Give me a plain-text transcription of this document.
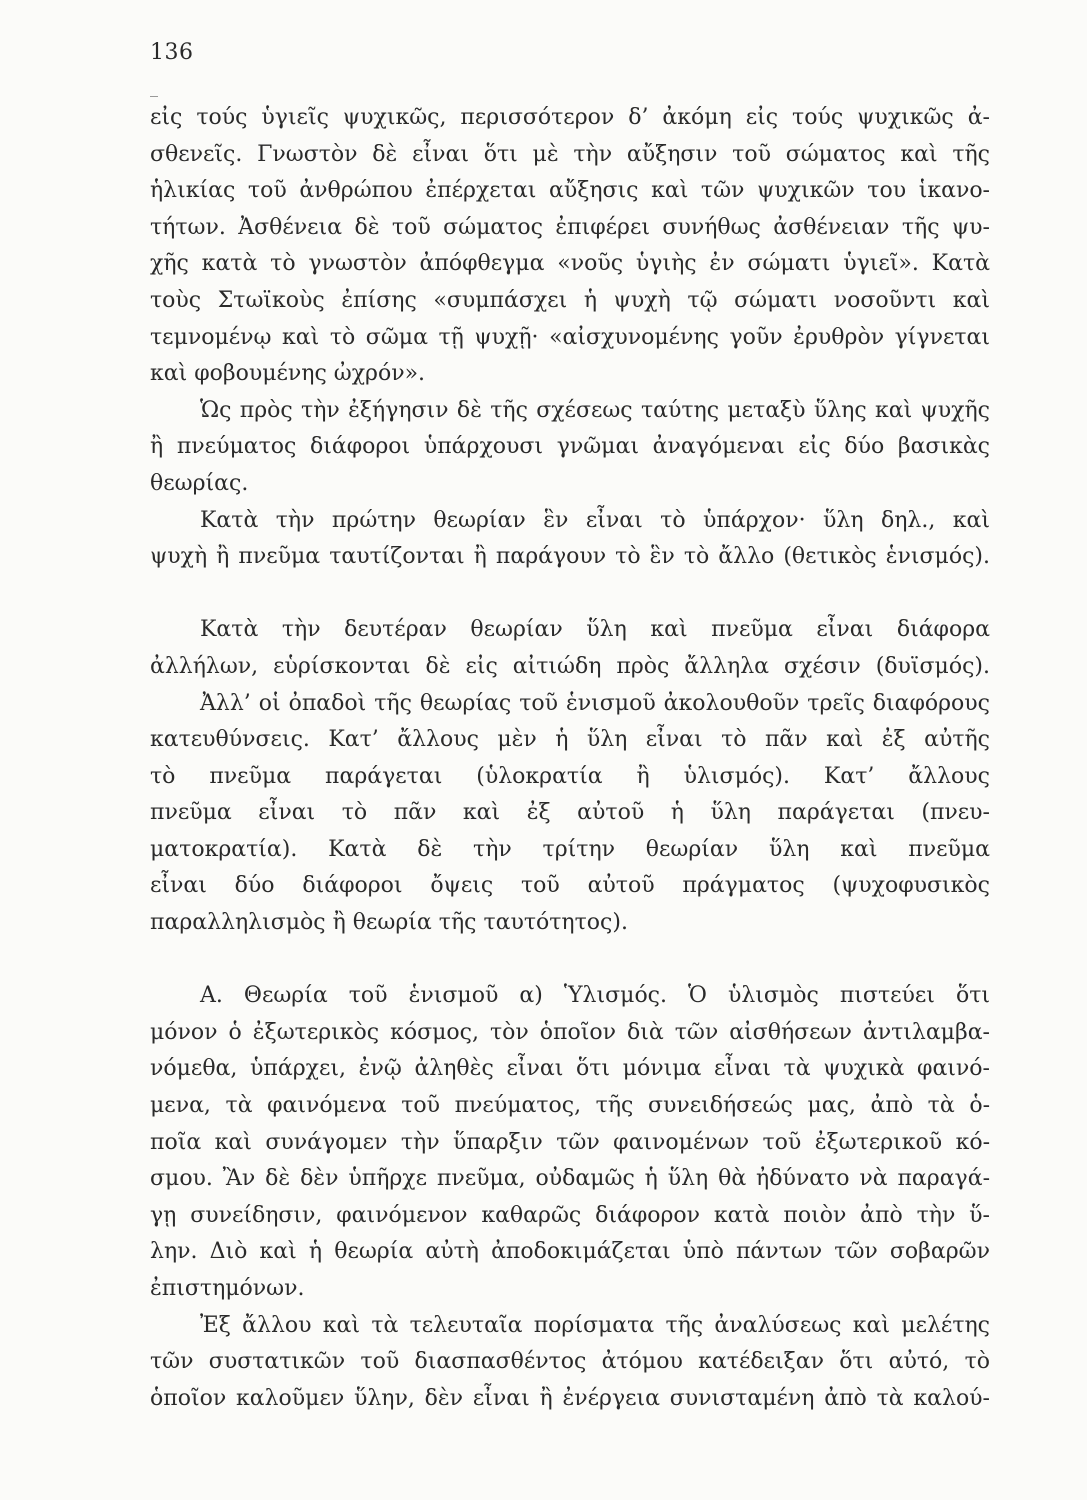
136
εἰς τούς ὑγιεῖς ψυχικῶς, περισσότερον δ’ ἀκόμη εἰς τούς ψυχικῶς ἀ-
σθενεῖς. Γνωστὸν δὲ εἶναι ὅτι μὲ τὴν αὔξησιν τοῦ σώματος καὶ τῆς
ἡλικίας τοῦ ἀνθρώπου ἐπέρχεται αὔξησις καὶ τῶν ψυχικῶν του ἱκανο-
τήτων. Ἀσθένεια δὲ τοῦ σώματος ἐπιφέρει συνήθως ἀσθένειαν τῆς ψυ-
χῆς κατὰ τὸ γνωστὸν ἀπόφθεγμα «νοῦς ὑγιὴς ἐν σώματι ὑγιεῖ». Κατὰ
τοὺς Στωϊκοὺς ἐπίσης «συμπάσχει ἡ ψυχὴ τῷ σώματι νοσοῦντι καὶ
τεμνομένῳ καὶ τὸ σῶμα τῇ ψυχῇ· «αἰσχυνομένης γοῦν ἐρυθρὸν γίγνεται
καὶ φοβουμένης ὠχρόν».
Ὡς πρὸς τὴν ἐξήγησιν δὲ τῆς σχέσεως ταύτης μεταξὺ ὕλης καὶ ψυχῆς
ἢ πνεύματος διάφοροι ὑπάρχουσι γνῶμαι ἀναγόμεναι εἰς δύο βασικὰς
θεωρίας.
Κατὰ τὴν πρώτην θεωρίαν ἓν εἶναι τὸ ὑπάρχον· ὕλη δηλ., καὶ
ψυχὴ ἢ πνεῦμα ταυτίζονται ἢ παράγουν τὸ ἓν τὸ ἄλλο (θετικὸς ἑνισμός).
Κατὰ τὴν δευτέραν θεωρίαν ὕλη καὶ πνεῦμα εἶναι διάφορα
ἀλλήλων, εὑρίσκονται δὲ εἰς αἰτιώδη πρὸς ἄλληλα σχέσιν (δυϊσμός).
Ἀλλ’ οἱ ὀπαδοὶ τῆς θεωρίας τοῦ ἑνισμοῦ ἀκολουθοῦν τρεῖς διαφόρους
κατευθύνσεις. Κατ’ ἄλλους μὲν ἡ ὕλη εἶναι τὸ πᾶν καὶ ἐξ αὐτῆς
τὸ πνεῦμα παράγεται (ὑλοκρατία ἢ ὑλισμός). Κατ’ ἄλλους
πνεῦμα εἶναι τὸ πᾶν καὶ ἐξ αὐτοῦ ἡ ὕλη παράγεται (πνευ-
ματοκρατία). Κατὰ δὲ τὴν τρίτην θεωρίαν ὕλη καὶ πνεῦμα
εἶναι δύο διάφοροι ὄψεις τοῦ αὐτοῦ πράγματος (ψυχοφυσικὸς
παραλληλισμὸς ἢ θεωρία τῆς ταυτότητος).
Α. Θεωρία τοῦ ἑνισμοῦ α) Ὑλισμός. Ὁ ὑλισμὸς πιστεύει ὅτι
μόνον ὁ ἐξωτερικὸς κόσμος, τὸν ὁποῖον διὰ τῶν αἰσθήσεων ἀντιλαμβα-
νόμεθα, ὑπάρχει, ἐνῷ ἀληθὲς εἶναι ὅτι μόνιμα εἶναι τὰ ψυχικὰ φαινό-
μενα, τὰ φαινόμενα τοῦ πνεύματος, τῆς συνειδήσεώς μας, ἀπὸ τὰ ὁ-
ποῖα καὶ συνάγομεν τὴν ὕπαρξιν τῶν φαινομένων τοῦ ἐξωτερικοῦ κό-
σμου. Ἂν δὲ δὲν ὑπῆρχε πνεῦμα, οὐδαμῶς ἡ ὕλη θὰ ἠδύνατο νὰ παραγά-
γῃ συνείδησιν, φαινόμενον καθαρῶς διάφορον κατὰ ποιὸν ἀπὸ τὴν ὕ-
λην. Διὸ καὶ ἡ θεωρία αὐτὴ ἀποδοκιμάζεται ὑπὸ πάντων τῶν σοβαρῶν
ἐπιστημόνων.
Ἐξ ἄλλου καὶ τὰ τελευταῖα πορίσματα τῆς ἀναλύσεως καὶ μελέτης
τῶν συστατικῶν τοῦ διασπασθέντος ἀτόμου κατέδειξαν ὅτι αὐτό, τὸ
ὁποῖον καλοῦμεν ὕλην, δὲν εἶναι ἢ ἐνέργεια συνισταμένη ἀπὸ τὰ καλού-
